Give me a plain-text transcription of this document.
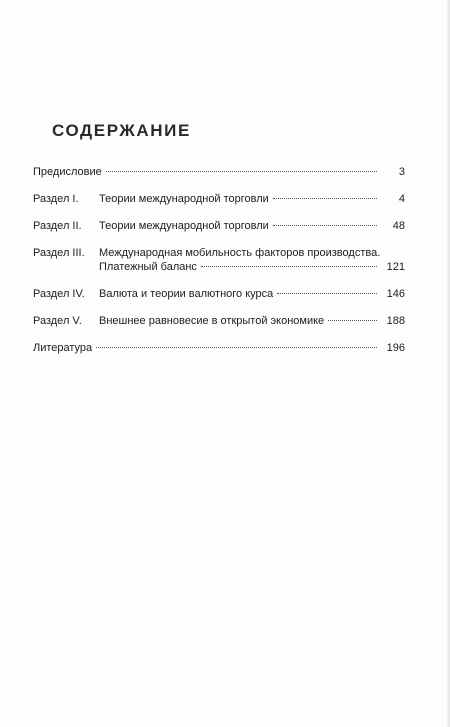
СОДЕРЖАНИЕ
Предисловие	3
Раздел I.	Теории международной торговли	4
Раздел II.	Теории международной торговли	48
Раздел III.	Международная мобильность факторов производства.
Платежный баланс	121
Раздел IV.	Валюта и теории валютного курса	146
Раздел V.	Внешнее равновесие в открытой экономике	188
Литература	196
